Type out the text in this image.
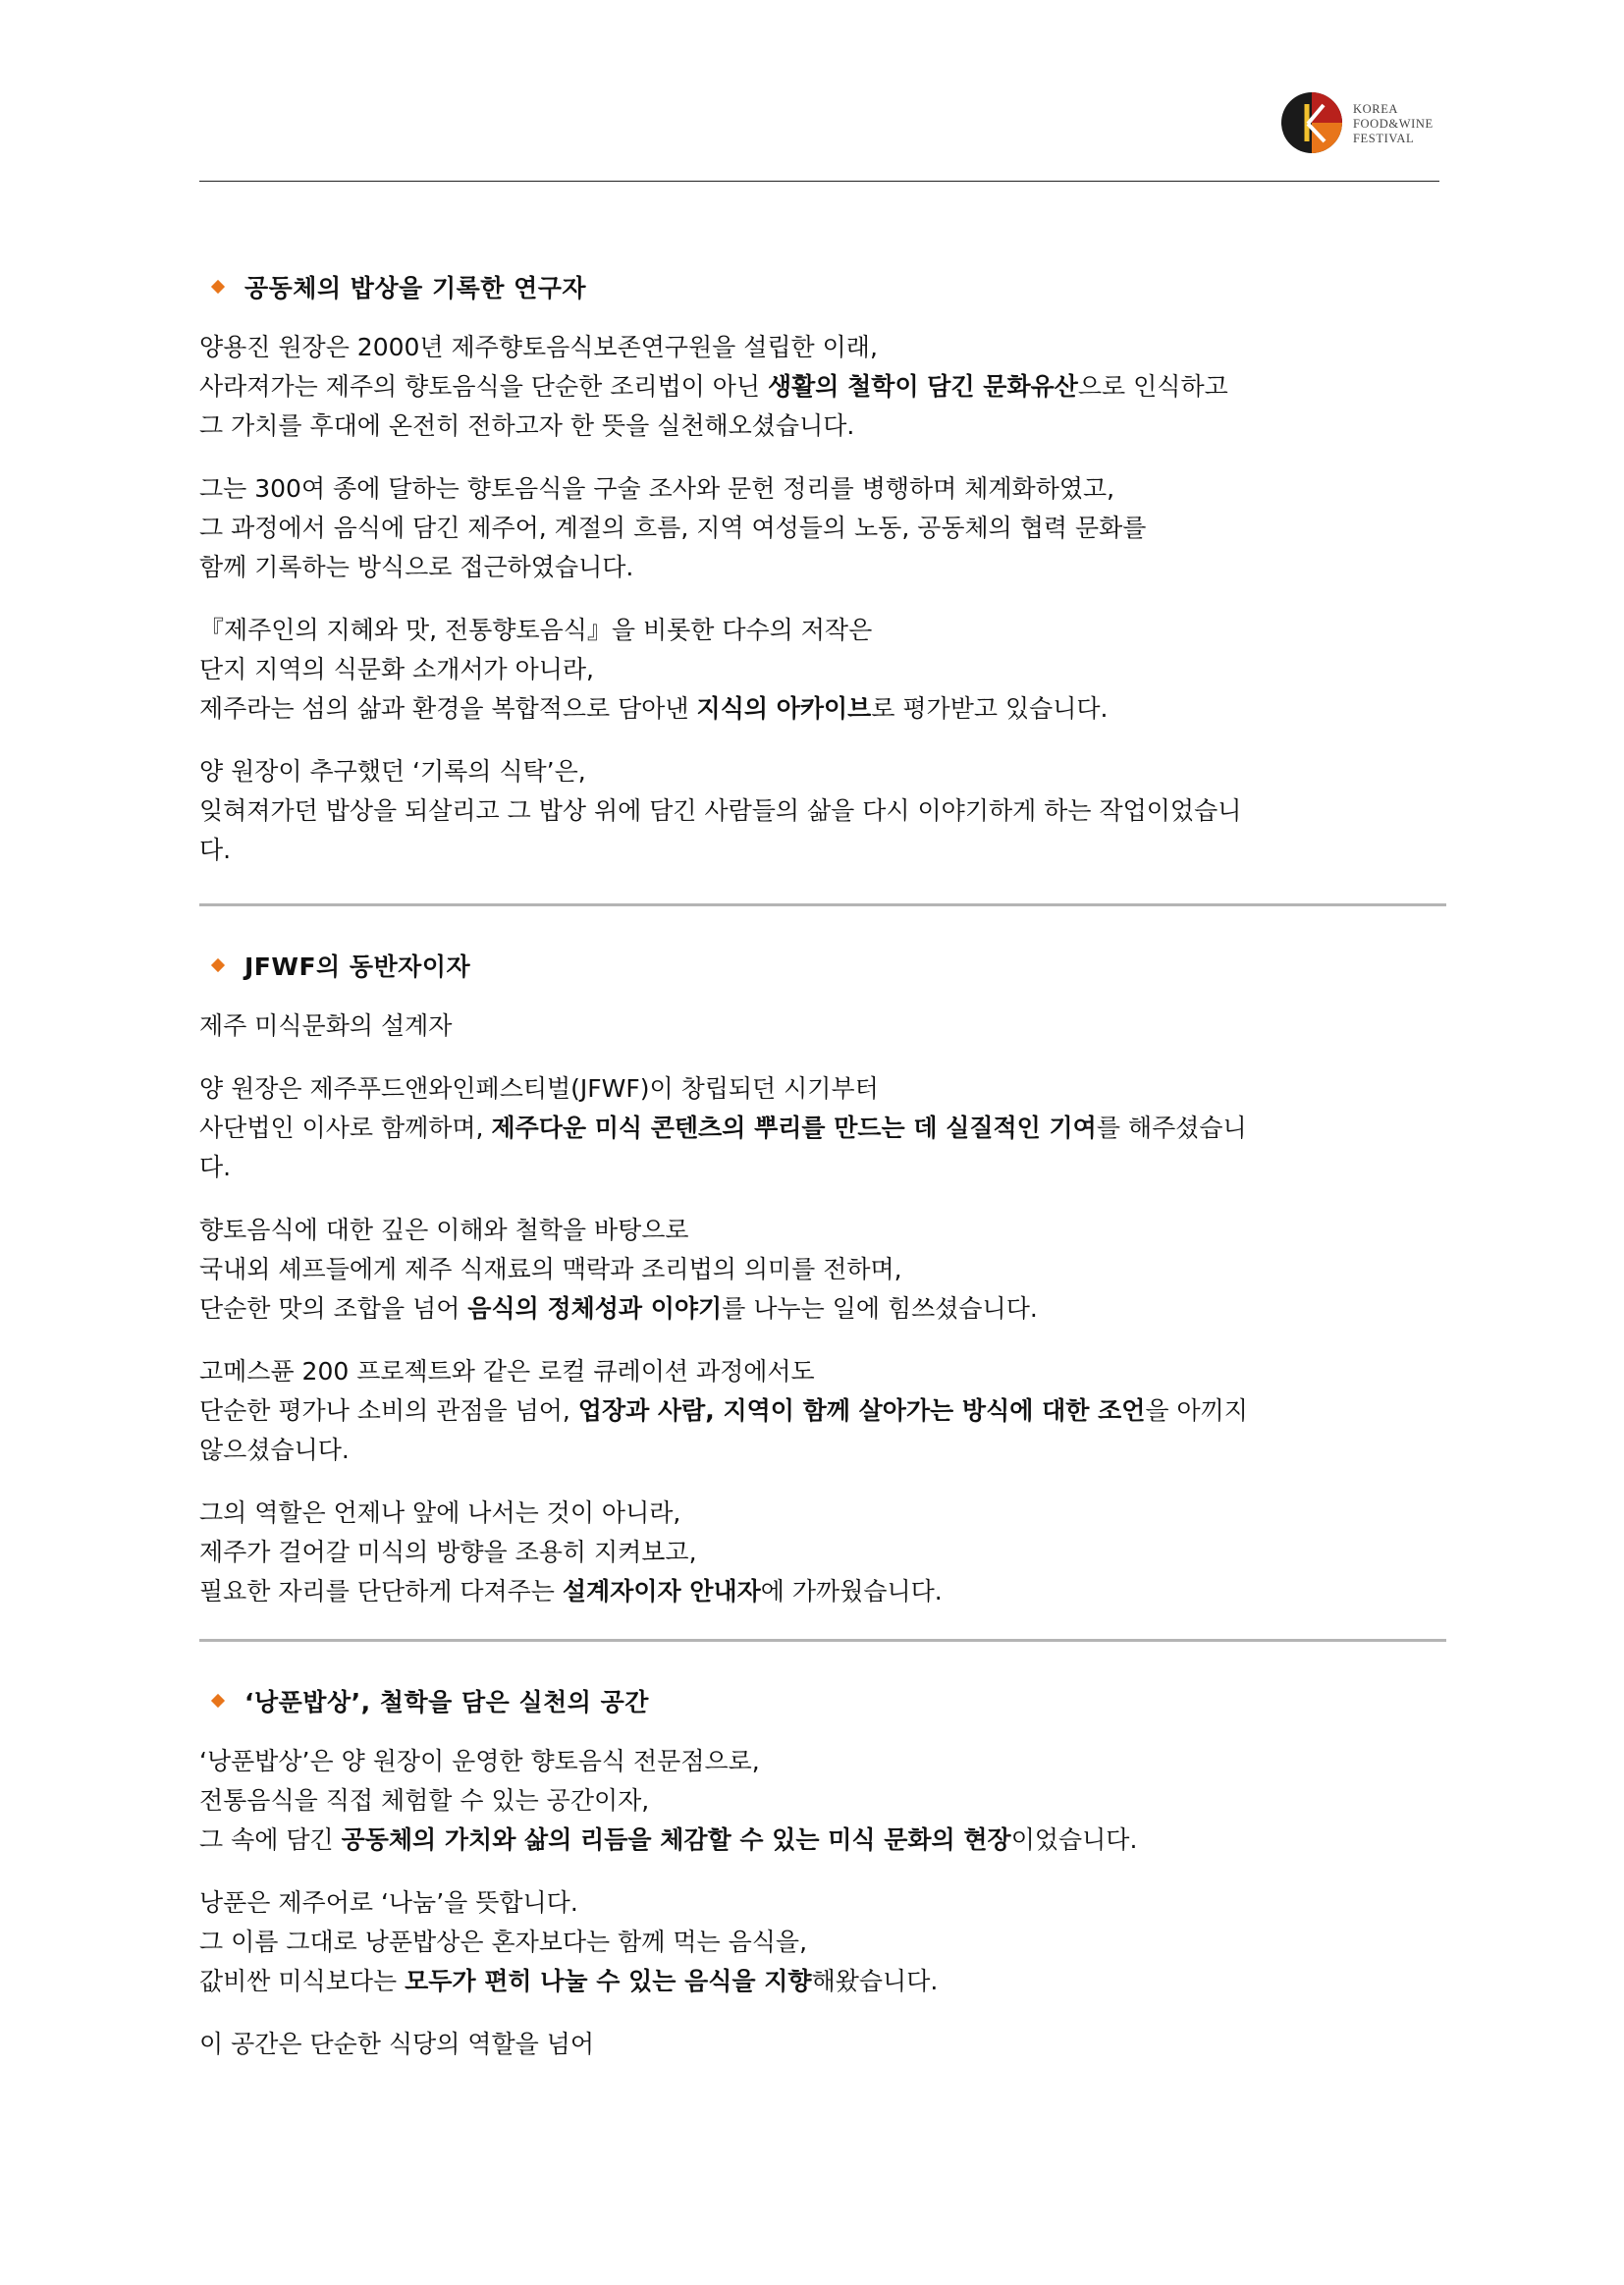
KOREA
FOOD&WINE
FESTIVAL
공동체의 밥상을 기록한 연구자
양용진 원장은 2000년 제주향토음식보존연구원을 설립한 이래,
사라져가는 제주의 향토음식을 단순한 조리법이 아닌 생활의 철학이 담긴 문화유산으로 인식하고
그 가치를 후대에 온전히 전하고자 한 뜻을 실천해오셨습니다.
그는 300여 종에 달하는 향토음식을 구술 조사와 문헌 정리를 병행하며 체계화하였고,
그 과정에서 음식에 담긴 제주어, 계절의 흐름, 지역 여성들의 노동, 공동체의 협력 문화를
함께 기록하는 방식으로 접근하였습니다.
『제주인의 지혜와 맛, 전통향토음식』을 비롯한 다수의 저작은
단지 지역의 식문화 소개서가 아니라,
제주라는 섬의 삶과 환경을 복합적으로 담아낸 지식의 아카이브로 평가받고 있습니다.
양 원장이 추구했던 ‘기록의 식탁’은,
잊혀져가던 밥상을 되살리고 그 밥상 위에 담긴 사람들의 삶을 다시 이야기하게 하는 작업이었습니
다.
JFWF의 동반자이자
제주 미식문화의 설계자
양 원장은 제주푸드앤와인페스티벌(JFWF)이 창립되던 시기부터
사단법인 이사로 함께하며, 제주다운 미식 콘텐츠의 뿌리를 만드는 데 실질적인 기여를 해주셨습니
다.
향토음식에 대한 깊은 이해와 철학을 바탕으로
국내외 셰프들에게 제주 식재료의 맥락과 조리법의 의미를 전하며,
단순한 맛의 조합을 넘어 음식의 정체성과 이야기를 나누는 일에 힘쓰셨습니다.
고메스퓬 200 프로젝트와 같은 로컬 큐레이션 과정에서도
단순한 평가나 소비의 관점을 넘어, 업장과 사람, 지역이 함께 살아가는 방식에 대한 조언을 아끼지
않으셨습니다.
그의 역할은 언제나 앞에 나서는 것이 아니라,
제주가 걸어갈 미식의 방향을 조용히 지켜보고,
필요한 자리를 단단하게 다져주는 설계자이자 안내자에 가까웠습니다.
‘낭푼밥상’, 철학을 담은 실천의 공간
‘낭푼밥상’은 양 원장이 운영한 향토음식 전문점으로,
전통음식을 직접 체험할 수 있는 공간이자,
그 속에 담긴 공동체의 가치와 삶의 리듬을 체감할 수 있는 미식 문화의 현장이었습니다.
낭푼은 제주어로 ‘나눔’을 뜻합니다.
그 이름 그대로 낭푼밥상은 혼자보다는 함께 먹는 음식을,
값비싼 미식보다는 모두가 편히 나눌 수 있는 음식을 지향해왔습니다.
이 공간은 단순한 식당의 역할을 넘어
